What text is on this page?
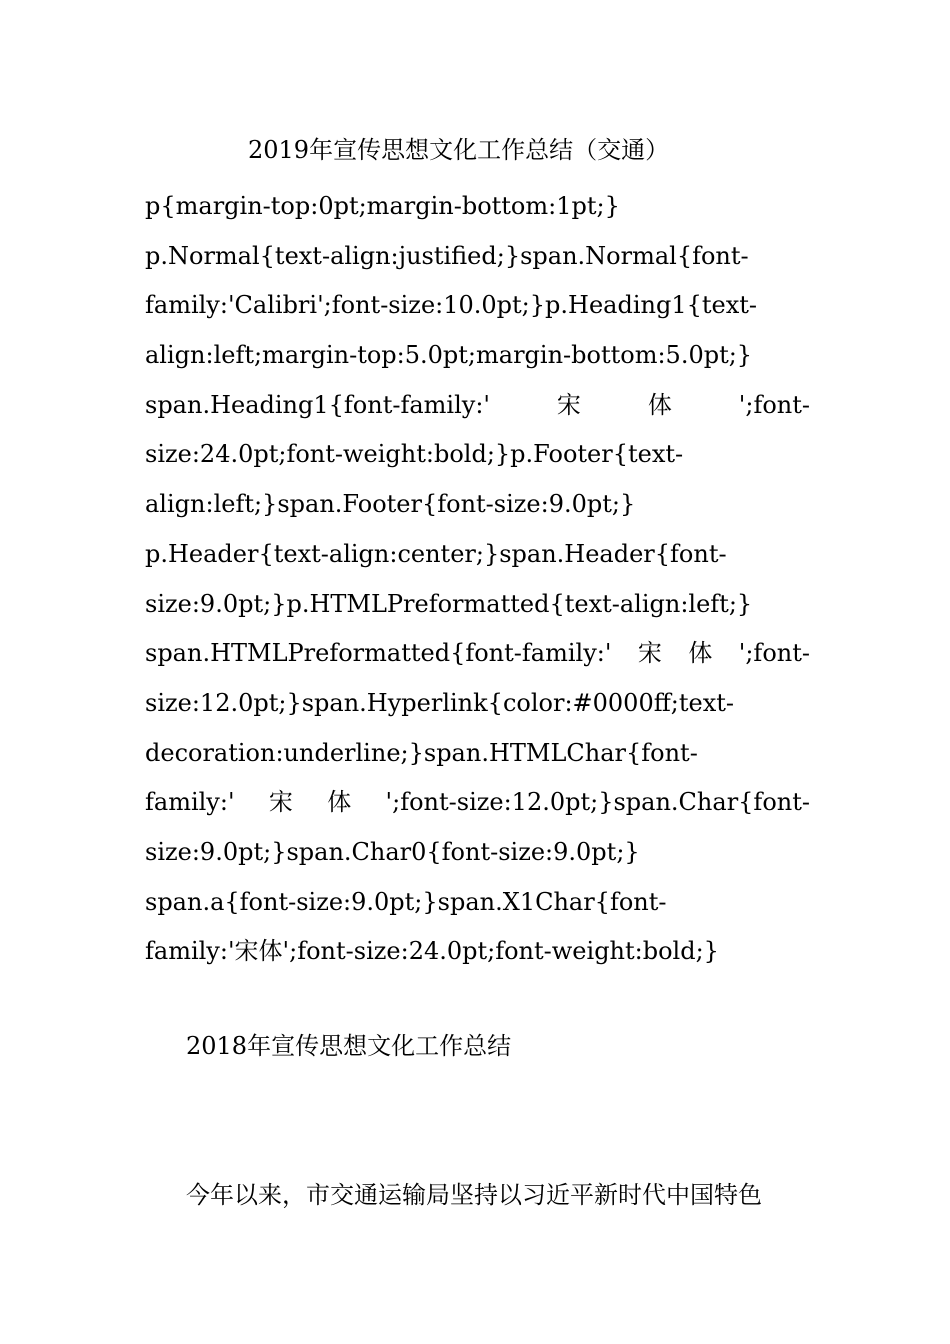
2019年宣传思想文化工作总结（交通）
p{margin-top:0pt;margin-bottom:1pt;}
p.Normal{text-align:justified;}span.Normal{font-
family:'Calibri';font-size:10.0pt;}p.Heading1{text-
align:left;margin-top:5.0pt;margin-bottom:5.0pt;}
span.Heading1{font-family:'	宋	体	';font-
size:24.0pt;font-weight:bold;}p.Footer{text-
align:left;}span.Footer{font-size:9.0pt;}
p.Header{text-align:center;}span.Header{font-
size:9.0pt;}p.HTMLPreformatted{text-align:left;}
span.HTMLPreformatted{font-family:' 宋 体 ';font-
size:12.0pt;}span.Hyperlink{color:#0000ff;text-
decoration:underline;}span.HTMLChar{font-
family:' 宋 体 ';font-size:12.0pt;}span.Char{font-
size:9.0pt;}span.Char0{font-size:9.0pt;}
span.a{font-size:9.0pt;}span.X1Char{font-
family:'宋体';font-size:24.0pt;font-weight:bold;}
2018年宣传思想文化工作总结
今年以来，市交通运输局坚持以习近平新时代中国特色
